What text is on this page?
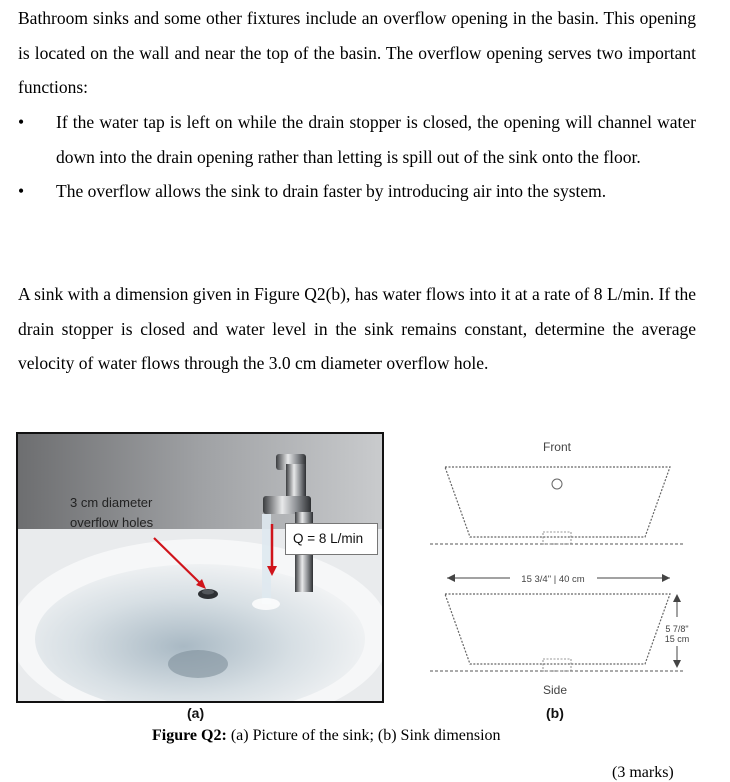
Bathroom sinks and some other fixtures include an overflow opening in the basin. This opening is located on the wall and near the top of the basin. The overflow opening serves two important functions:
• If the water tap is left on while the drain stopper is closed, the opening will channel water down into the drain opening rather than letting is spill out of the sink onto the floor.
• The overflow allows the sink to drain faster by introducing air into the system.
A sink with a dimension given in Figure Q2(b), has water flows into it at a rate of 8 L/min. If the drain stopper is closed and water level in the sink remains constant, determine the average velocity of water flows through the 3.0 cm diameter overflow hole.
3 cm diameter
overflow holes
Q = 8 L/min
Front
15 3/4" | 40 cm
5 7/8"
15 cm
Side
(a)	(b)
Figure Q2: (a) Picture of the sink; (b) Sink dimension
(3 marks)
